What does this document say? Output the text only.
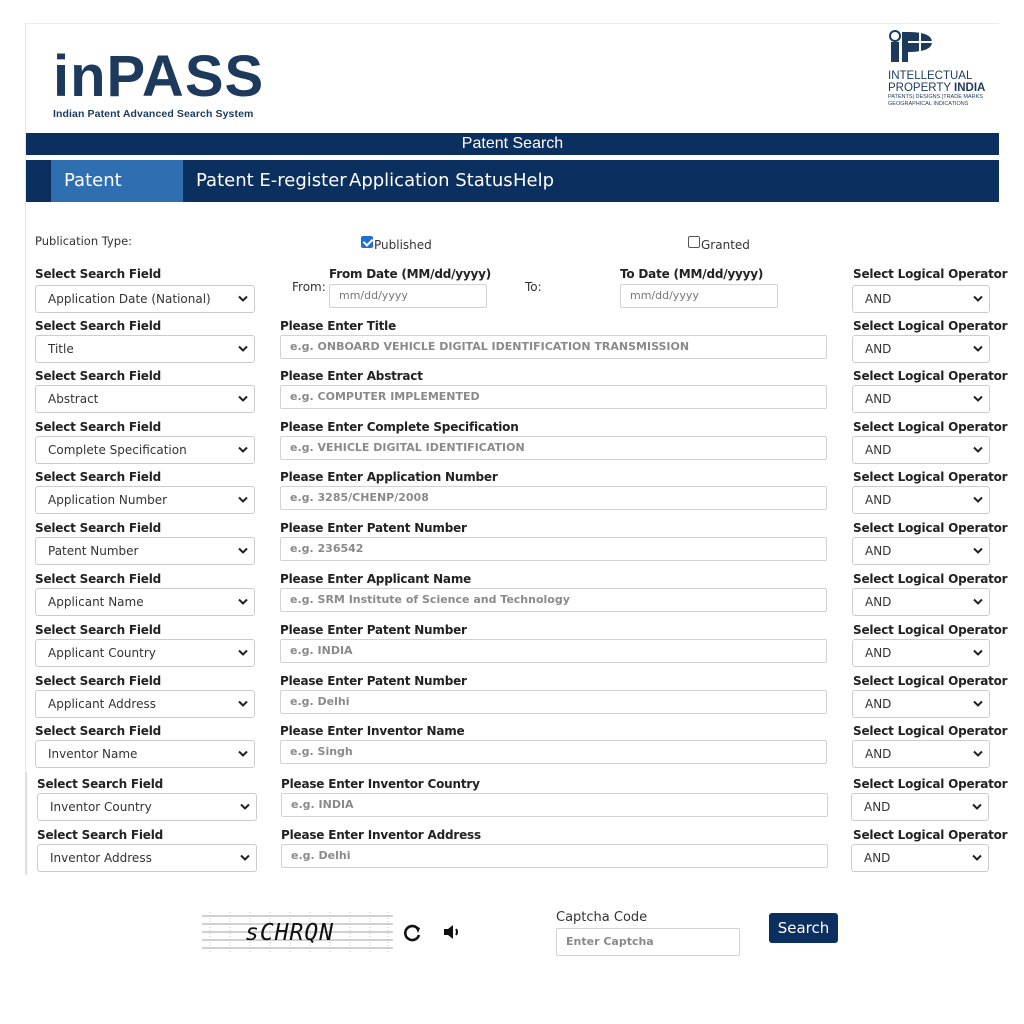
in PASS
Indian Patent Advanced Search System
INTELLECTUAL
PROPERTY INDIA
PATENTS| DESIGNS |TRADE MARKS
GEOGRAPHICAL INDICATIONS
Patent Search
Patent Search
Patent E-register Application Status Help
Publication Type:	Published	Granted
Select Search Field
Application Date (National)
From Date (MM/dd/yyyy)
From:
mm/dd/yyyy
To:
To Date (MM/dd/yyyy)
mm/dd/yyyy
Select Logical Operator
AND
Select Search Field
Title
Please Enter Title
e.g. ONBOARD VEHICLE DIGITAL IDENTIFICATION TRANSMISSION
Select Logical Operator
AND
Select Search Field
Abstract
Please Enter Abstract
e.g. COMPUTER IMPLEMENTED
Select Logical Operator
AND
Select Search Field
Complete Specification
Please Enter Complete Specification
e.g. VEHICLE DIGITAL IDENTIFICATION
Select Logical Operator
AND
Select Search Field
Application Number
Please Enter Application Number
e.g. 3285/CHENP/2008
Select Logical Operator
AND
Select Search Field
Patent Number
Please Enter Patent Number
e.g. 236542
Select Logical Operator
AND
Select Search Field
Applicant Name
Please Enter Applicant Name
e.g. SRM Institute of Science and Technology
Select Logical Operator
AND
Select Search Field
Applicant Country
Please Enter Patent Number
e.g. INDIA
Select Logical Operator
AND
Select Search Field
Applicant Address
Please Enter Patent Number
e.g. Delhi
Select Logical Operator
AND
Select Search Field
Inventor Name
Please Enter Inventor Name
e.g. Singh
Select Logical Operator
AND
Select Search Field
Inventor Country
Please Enter Inventor Country
e.g. INDIA
Select Logical Operator
AND
Select Search Field
Inventor Address
Please Enter Inventor Address
e.g. Delhi
Select Logical Operator
AND
sCHRQN
Captcha Code
Enter Captcha
Search
